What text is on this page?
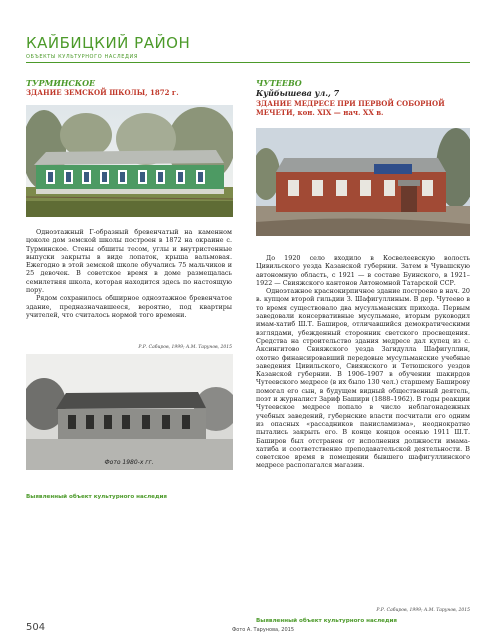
КАЙБИЦКИЙ РАЙОН
ОБЪЕКТЫ КУЛЬТУРНОГО НАСЛЕДИЯ
ТУРМИНСКОЕ
ЗДАНИЕ ЗЕМСКОЙ ШКОЛЫ, 1872 г.

Одноэтажный Г-образный бревенчатый на каменном цоколе дом земской школы построен в 1872 на окраине с. Турминское. Стены обшиты тесом, углы и внутристенные выпуски закрыты в виде лопаток, крыша вальмовая. Ежегодно в этой земской школе обучались 75 мальчиков и 25 девочек. В советское время в доме размещалась семилетняя школа, которая находится здесь по настоящую пору.

Рядом сохранилось обширное одноэтажное бревенчатое здание, предназначавшееся, вероятно, под квартиры учителей, что считалось нормой того времени.

Р.Р. Сабиров, 1999; А.М. Тарунов, 2015
Фото 1980-х гг.
Выявленный объект культурного наследия
ЧУТЕЕВО
Куйбышева ул., 7
ЗДАНИЕ МЕДРЕСЕ ПРИ ПЕРВОЙ СОБОРНОЙ МЕЧЕТИ, кон. XIX — нач. XX в.

До 1920 село входило в Косвелеевскую волость Цивильского уезда Казанской губернии. Затем в Чувашскую автономную область, с 1921 — в составе Буинского, в 1921–1922 — Свияжского кантонов Автономной Татарской ССР.

Одноэтажное краснокирпичное здание построено в нач. 20 в. купцом второй гильдии З. Шафигуллиным. В дер. Чутеево в то время существовало два мусульманских прихода. Первым заведовали консервативные мусульмане, вторым руководил имам-хатиб Ш.Т. Баширов, отличавшийся демократическими взглядами, убежденный сторонник светского просвещения. Средства на строительство здания медресе дал купец из с. Аксингитово Свияжского уезда Загидулла Шафигуллин, охотно финансировавший передовые мусульманские учебные заведения Цивильского, Свияжского и Тетюшского уездов Казанской губернии. В 1906–1907 в обучении шакирдов Чутеевского медресе (в их было 130 чел.) старшему Баширову помогал его сын, в будущем видный общественный деятель, поэт и журналист Зариф Башири (1888–1962). В годы реакции Чутеевское медресе попало в число неблагонадежных учебных заведений, губернские власти посчитали его одним из опасных «рассадников панисламизма», неоднократно пытались закрыть его. В конце концов осенью 1911 Ш.Т. Баширов был отстранен от исполнения должности имама-хатиба и соответственно преподавательской деятельности. В советское время в помещении бывшего шафигуллинского медресе располагался магазин.

Р.Р. Сабиров, 1999; А.М. Тарунов, 2015
Выявленный объект культурного наследия
504	Фото А. Тарунова, 2015
